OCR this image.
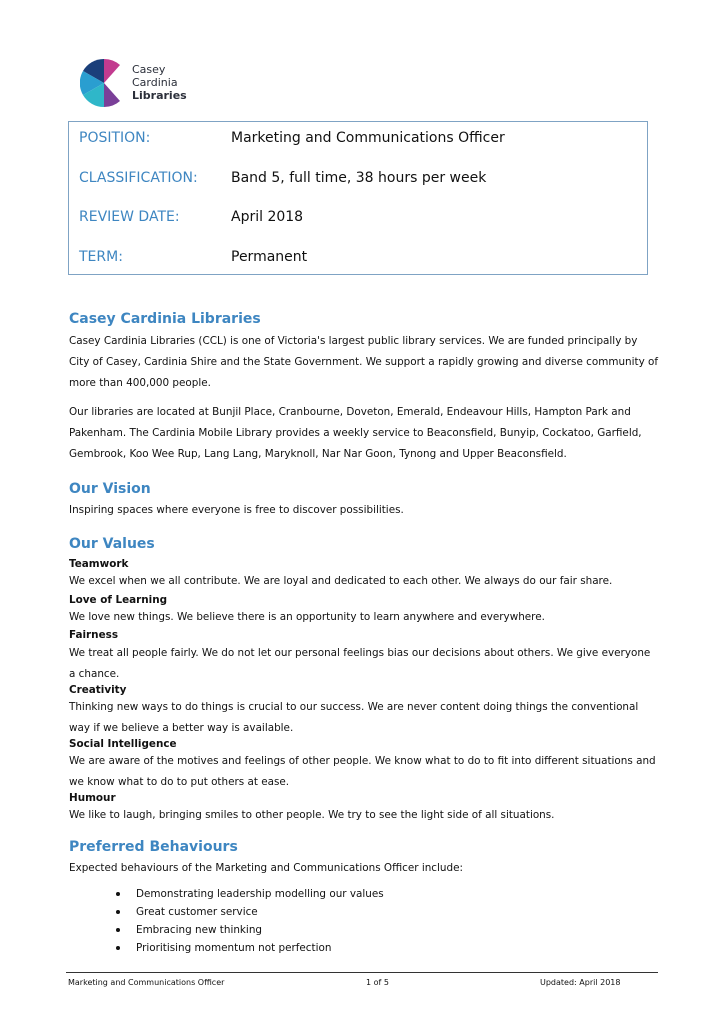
Casey
Cardinia
Libraries
POSITION:	Marketing and Communications Officer
CLASSIFICATION: Band 5, full time, 38 hours per week
REVIEW DATE:	April 2018
TERM:	Permanent
Casey Cardinia Libraries
Casey Cardinia Libraries (CCL) is one of Victoria's largest public library services. We are funded principally by City of Casey, Cardinia Shire and the State Government. We support a rapidly growing and diverse community of more than 400,000 people.
Our libraries are located at Bunjil Place, Cranbourne, Doveton, Emerald, Endeavour Hills, Hampton Park and Pakenham. The Cardinia Mobile Library provides a weekly service to Beaconsfield, Bunyip, Cockatoo, Garfield, Gembrook, Koo Wee Rup, Lang Lang, Maryknoll, Nar Nar Goon, Tynong and Upper Beaconsfield.
Our Vision
Inspiring spaces where everyone is free to discover possibilities.
Our Values
Teamwork
We excel when we all contribute. We are loyal and dedicated to each other. We always do our fair share.
Love of Learning
We love new things. We believe there is an opportunity to learn anywhere and everywhere.
Fairness
We treat all people fairly. We do not let our personal feelings bias our decisions about others. We give everyone a chance.
Creativity
Thinking new ways to do things is crucial to our success. We are never content doing things the conventional way if we believe a better way is available.
Social Intelligence
We are aware of the motives and feelings of other people. We know what to do to fit into different situations and we know what to do to put others at ease.
Humour
We like to laugh, bringing smiles to other people. We try to see the light side of all situations.
Preferred Behaviours
Expected behaviours of the Marketing and Communications Officer include:
Demonstrating leadership modelling our values
Great customer service
Embracing new thinking
Prioritising momentum not perfection
Marketing and Communications Officer	1 of 5	Updated: April 2018
